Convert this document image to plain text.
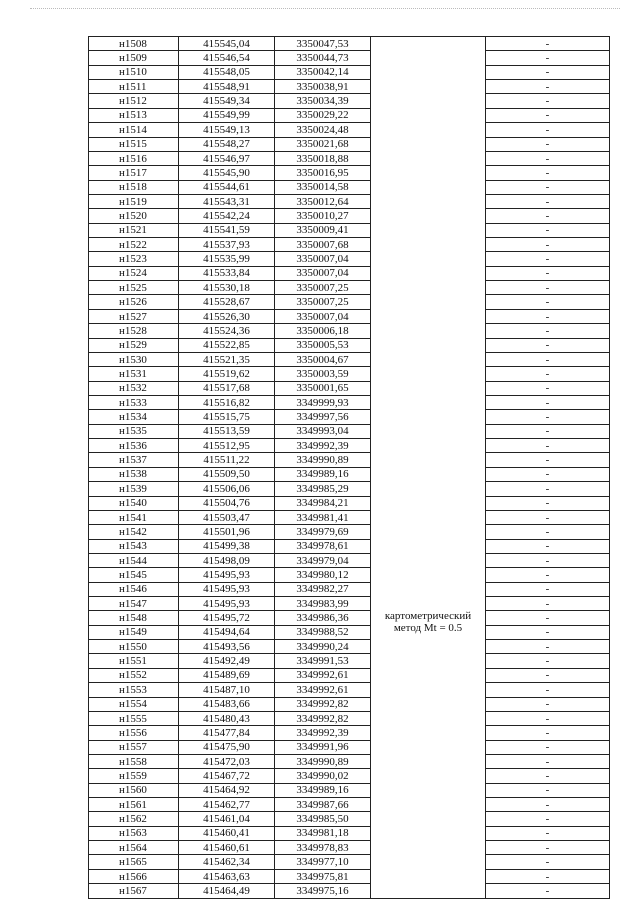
н1508	415545,04	3350047,53	картометрический метод Mt = 0.5	-
н1509	415546,54	3350044,73		-
н1510	415548,05	3350042,14		-
н1511	415548,91	3350038,91		-
н1512	415549,34	3350034,39		-
н1513	415549,99	3350029,22		-
н1514	415549,13	3350024,48		-
н1515	415548,27	3350021,68		-
н1516	415546,97	3350018,88		-
н1517	415545,90	3350016,95		-
н1518	415544,61	3350014,58		-
н1519	415543,31	3350012,64		-
н1520	415542,24	3350010,27		-
н1521	415541,59	3350009,41		-
н1522	415537,93	3350007,68		-
н1523	415535,99	3350007,04		-
н1524	415533,84	3350007,04		-
н1525	415530,18	3350007,25		-
н1526	415528,67	3350007,25		-
н1527	415526,30	3350007,04		-
н1528	415524,36	3350006,18		-
н1529	415522,85	3350005,53		-
н1530	415521,35	3350004,67		-
н1531	415519,62	3350003,59		-
н1532	415517,68	3350001,65		-
н1533	415516,82	3349999,93		-
н1534	415515,75	3349997,56		-
н1535	415513,59	3349993,04		-
н1536	415512,95	3349992,39		-
н1537	415511,22	3349990,89		-
н1538	415509,50	3349989,16		-
н1539	415506,06	3349985,29		-
н1540	415504,76	3349984,21		-
н1541	415503,47	3349981,41		-
н1542	415501,96	3349979,69		-
н1543	415499,38	3349978,61		-
н1544	415498,09	3349979,04		-
н1545	415495,93	3349980,12		-
н1546	415495,93	3349982,27		-
н1547	415495,93	3349983,99		-
н1548	415495,72	3349986,36		-
н1549	415494,64	3349988,52		-
н1550	415493,56	3349990,24		-
н1551	415492,49	3349991,53		-
н1552	415489,69	3349992,61		-
н1553	415487,10	3349992,61		-
н1554	415483,66	3349992,82		-
н1555	415480,43	3349992,82		-
н1556	415477,84	3349992,39		-
н1557	415475,90	3349991,96		-
н1558	415472,03	3349990,89		-
н1559	415467,72	3349990,02		-
н1560	415464,92	3349989,16		-
н1561	415462,77	3349987,66		-
н1562	415461,04	3349985,50		-
н1563	415460,41	3349981,18		-
н1564	415460,61	3349978,83		-
н1565	415462,34	3349977,10		-
н1566	415463,63	3349975,81		-
н1567	415464,49	3349975,16		-
